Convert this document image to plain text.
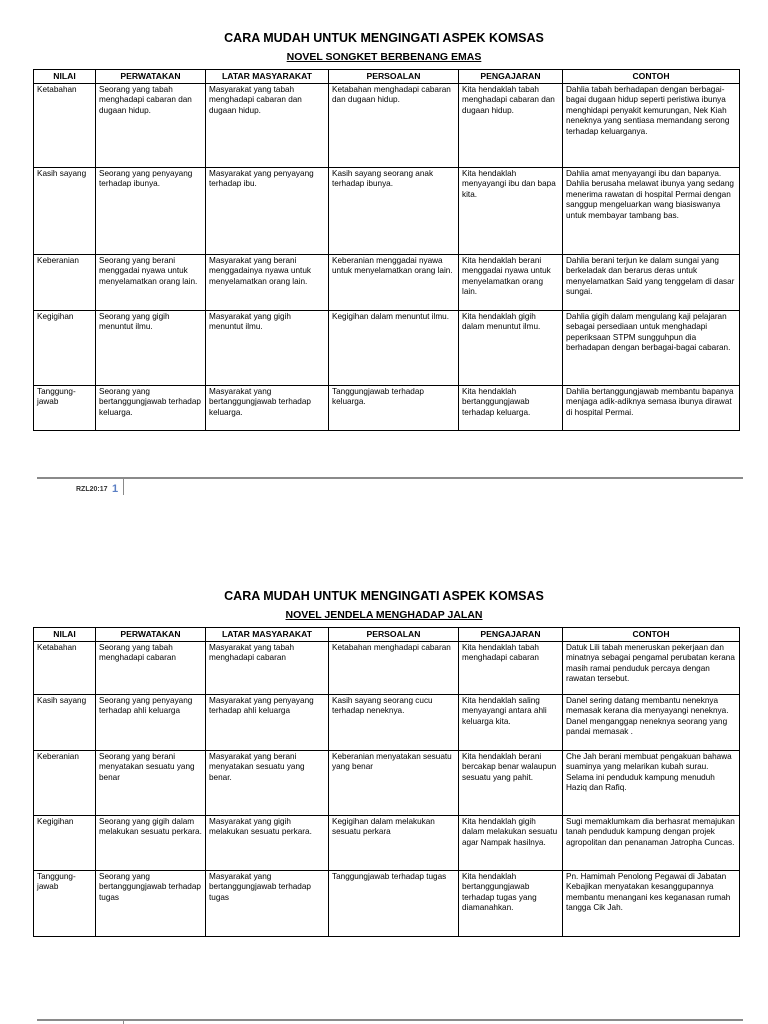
CARA MUDAH UNTUK MENGINGATI ASPEK KOMSAS
NOVEL SONGKET BERBENANG EMAS
NILAI	PERWATAKAN	LATAR MASYARAKAT	PERSOALAN	PENGAJARAN	CONTOH
Ketabahan	Seorang yang tabah menghadapi cabaran dan dugaan hidup.	Masyarakat yang tabah menghadapi cabaran dan dugaan hidup.	Ketabahan menghadapi cabaran dan dugaan hidup.	Kita hendaklah tabah menghadapi cabaran dan dugaan hidup.	Dahlia tabah berhadapan dengan berbagai-bagai dugaan hidup seperti peristiwa ibunya menghidapi penyakit kemurungan, Nek Kiah neneknya yang sentiasa memandang serong terhadap keluarganya.
Kasih sayang	Seorang yang penyayang terhadap ibunya.	Masyarakat yang penyayang terhadap ibu.	Kasih sayang seorang anak terhadap ibunya.	Kita hendaklah menyayangi ibu dan bapa kita.	Dahlia amat menyayangi ibu dan bapanya. Dahlia berusaha melawat ibunya yang sedang menerima rawatan di hospital Permai dengan sanggup mengeluarkan wang biasiswanya untuk membayar tambang bas.
Keberanian	Seorang yang berani menggadai nyawa untuk menyelamatkan orang lain.	Masyarakat yang berani menggadainya nyawa untuk menyelamatkan orang lain.	Keberanian menggadai nyawa untuk menyelamatkan orang lain.	Kita hendaklah berani menggadai nyawa untuk menyelamatkan orang lain.	Dahlia berani terjun ke dalam sungai yang berkeladak dan berarus deras untuk menyelamatkan Said yang tenggelam di dasar sungai.
Kegigihan	Seorang yang gigih menuntut ilmu.	Masyarakat yang gigih menuntut ilmu.	Kegigihan dalam menuntut ilmu.	Kita hendaklah gigih dalam menuntut ilmu.	Dahlia gigih dalam mengulang kaji pelajaran sebagai persediaan untuk menghadapi peperiksaan STPM sungguhpun dia berhadapan dengan berbagai-bagai cabaran.
Tanggung-jawab	Seorang yang bertanggungjawab terhadap keluarga.	Masyarakat yang bertanggungjawab terhadap keluarga.	Tanggungjawab terhadap keluarga.	Kita hendaklah bertanggungjawab terhadap keluarga.	Dahlia bertanggungjawab membantu bapanya menjaga adik-adiknya semasa ibunya dirawat di hospital Permai.
RZL20:17 1
CARA MUDAH UNTUK MENGINGATI ASPEK KOMSAS
NOVEL JENDELA MENGHADAP JALAN
NILAI	PERWATAKAN	LATAR MASYARAKAT	PERSOALAN	PENGAJARAN	CONTOH
Ketabahan	Seorang yang tabah menghadapi cabaran	Masyarakat yang tabah menghadapi cabaran	Ketabahan menghadapi cabaran	Kita hendaklah tabah menghadapi cabaran	Datuk Lili tabah meneruskan pekerjaan dan minatnya sebagai pengamal perubatan kerana masih ramai penduduk percaya dengan rawatan tersebut.
Kasih sayang	Seorang yang penyayang terhadap ahli keluarga	Masyarakat yang penyayang terhadap ahli keluarga	Kasih sayang seorang cucu terhadap neneknya.	Kita hendaklah saling menyayangi antara ahli keluarga kita.	Danel sering datang membantu neneknya memasak kerana dia menyayangi neneknya. Danel menganggap neneknya seorang yang pandai memasak .
Keberanian	Seorang yang berani menyatakan sesuatu yang benar	Masyarakat yang berani menyatakan sesuatu yang benar.	Keberanian menyatakan sesuatu yang benar	Kita hendaklah berani bercakap benar walaupun sesuatu yang pahit.	Che Jah berani membuat pengakuan bahawa suaminya yang melarikan kubah surau. Selama ini penduduk kampung menuduh Haziq dan Rafiq.
Kegigihan	Seorang yang gigih dalam melakukan sesuatu perkara.	Masyarakat yang gigih melakukan sesuatu perkara.	Kegigihan dalam melakukan sesuatu perkara	Kita hendaklah gigih dalam melakukan sesuatu agar Nampak hasilnya.	Sugi memaklumkam dia berhasrat memajukan tanah penduduk kampung dengan projek agropolitan dan penanaman Jatropha Cuncas.
Tanggung-jawab	Seorang yang bertanggungjawab terhadap tugas	Masyarakat yang bertanggungjawab terhadap tugas	Tanggungjawab terhadap tugas	Kita hendaklah bertanggungjawab terhadap tugas yang diamanahkan.	Pn. Hamimah Penolong Pegawai di Jabatan Kebajikan menyatakan kesanggupannya membantu menangani kes keganasan rumah tangga Cik Jah.
